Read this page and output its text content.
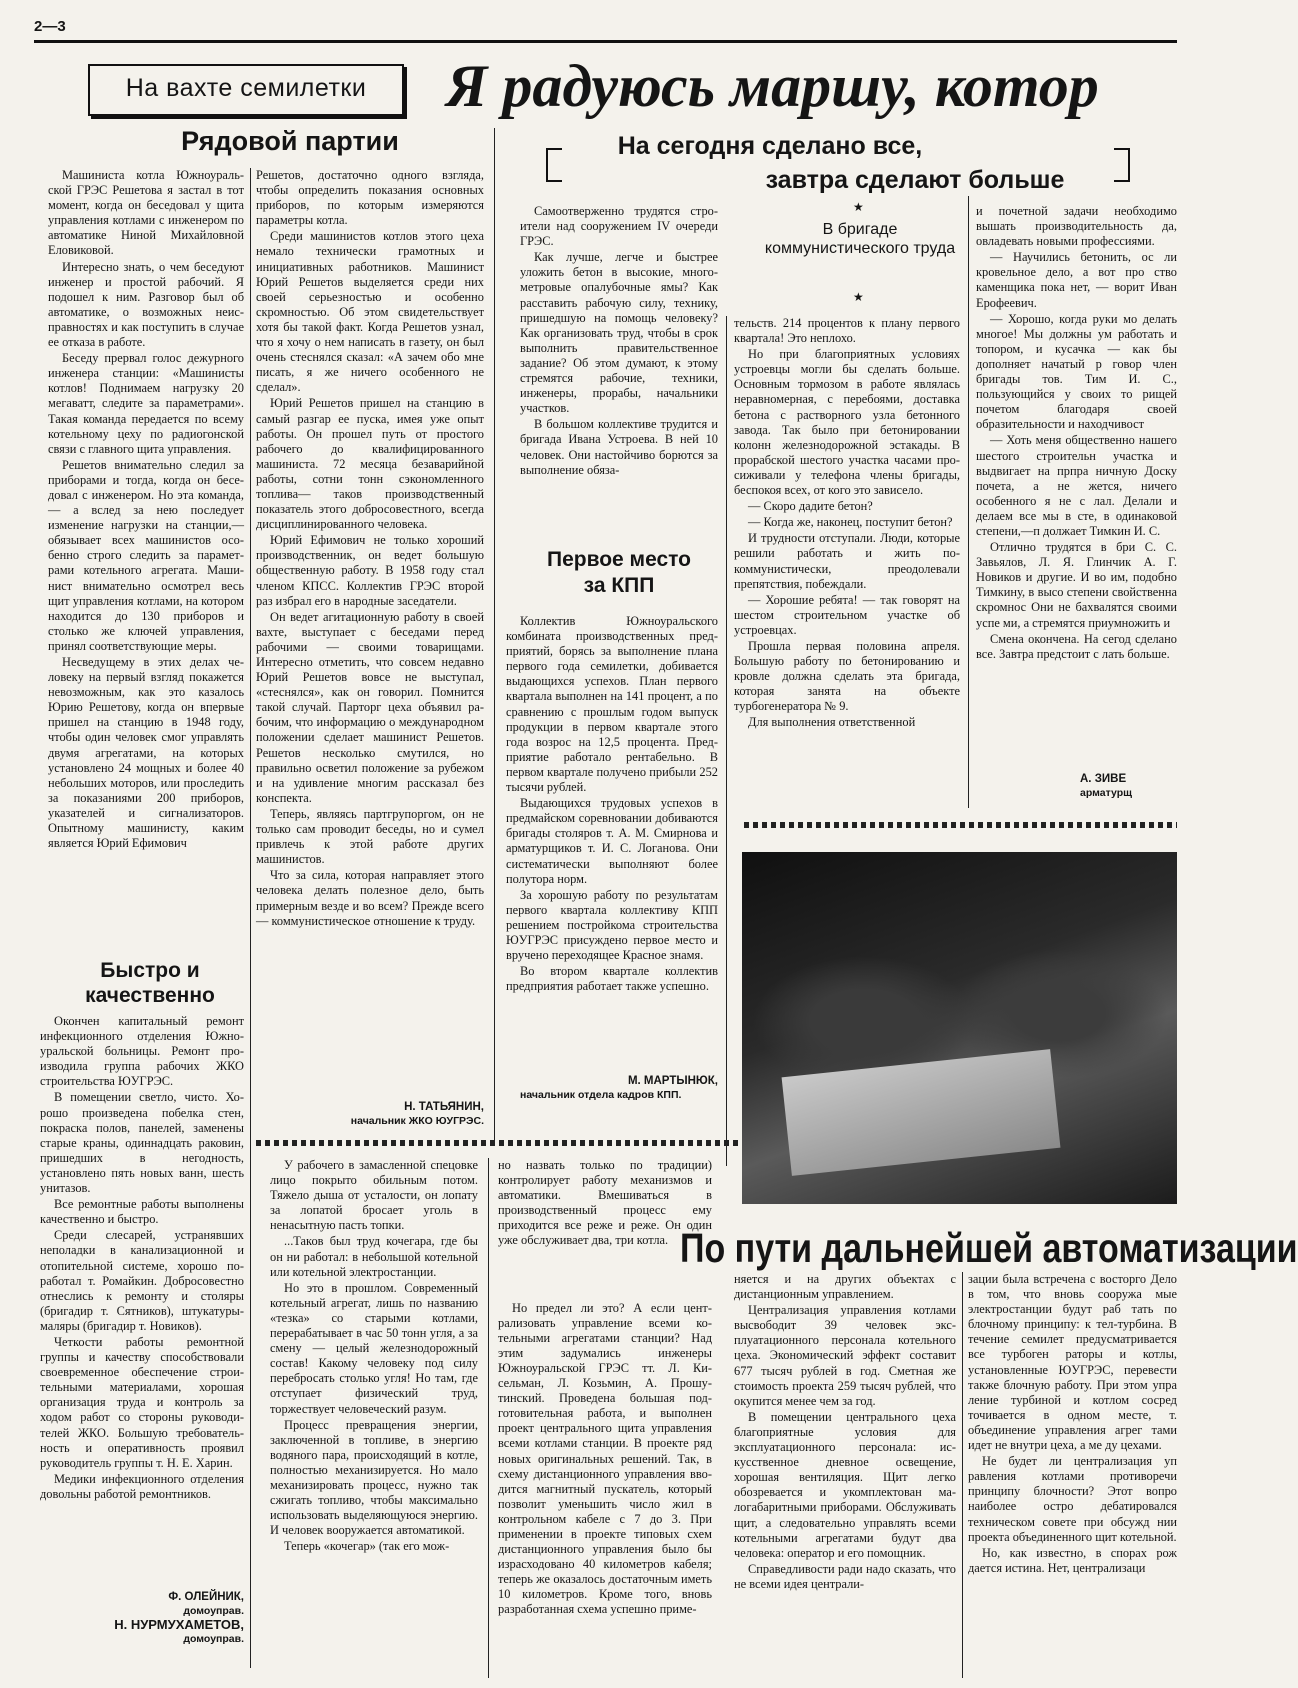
2—3
На вахте семилетки	Я радуюсь маршу, котор
Рядовой партии

Машиниста котла Южноуральской ГРЭС Решетова я застал в тот момент, когда он беседовал у щита управления котлами с инженером по автоматике Ниной Михайловной Еловиковой.

Интересно знать, о чем беседуют инженер и простой рабочий. Я подошел к ним. Разговор был об автоматике, о возможных неисправностях и как поступить в случае ее отказа в работе.

Беседу прервал голос дежурного инженера станции: «Машинисты котлов! Поднимаем нагрузку 20 мегаватт, следите за параметрами». Такая команда передается по всему котельному цеху по радиогонской связи с главного щита управления.

Решетов внимательно следил за приборами и тогда, когда он беседовал с инженером. Но эта команда, — а вслед за нею последует изменение нагрузки на станции,— обязывает всех машинистов особенно строго следить за параметрами котельного агрегата. Машинист внимательно осмотрел весь щит управления котлами, на котором находится до 130 приборов и столько же ключей управления, принял соответствующие меры.

Несведущему в этих делах человеку на первый взгляд покажется невозможным, как это казалось Юрию Решетову, когда он впервые пришел на станцию в 1948 году, чтобы один человек смог управлять двумя агрегатами, на которых установлено 24 мощных и более 40 небольших моторов, или проследить за показаниями 200 приборов, указателей и сигнализаторов. Опытному машинисту, каким является Юрий Ефимович

Решетов, достаточно одного взгляда, чтобы определить показания основных приборов, по которым измеряются параметры котла.

Среди машинистов котлов этого цеха немало технически грамотных и инициативных работников. Машинист Юрий Решетов выделяется среди них своей серьезностью и особенно скромностью. Об этом свидетельствует хотя бы такой факт. Когда Решетов узнал, что я хочу о нем написать в газету, он был очень стеснялся сказал: «А зачем обо мне писать, я же ничего особенного не сделал».

Юрий Решетов пришел на станцию в самый разгар ее пуска, имея уже опыт работы. Он прошел путь от простого рабочего до квалифицированного машиниста. 72 месяца безаварийной работы, сотни тонн сэкономленного топлива— таков производственный показатель этого добросовестного, всегда дисциплинированного человека.

Юрий Ефимович не только хороший производственник, он ведет большую общественную работу. В 1958 году стал членом КПСС. Коллектив ГРЭС второй раз избрал его в народные заседатели.

Он ведет агитационную работу в своей вахте, выступает с беседами перед рабочими — своими товарищами. Интересно отметить, что совсем недавно Юрий Решетов вовсе не выступал, «стеснялся», как он говорил. Помнится такой случай. Парторг цеха объявил рабочим, что информацию о международном положении сделает машинист Решетов. Решетов несколько смутился, но правильно осветил положение за рубежом и на удивление многим рассказал без конспекта.

Теперь, являясь партгрупоргом, он не только сам проводит беседы, но и сумел привлечь к этой работе других машинистов.

Что за сила, которая направляет этого человека делать полезное дело, быть примерным везде и во всем? Прежде всего — коммунистическое отношение к труду.

Н. ТАТЬЯНИН,
начальник ЖКО ЮУГРЭС.
Быстро и качественно

Окончен капитальный ремонт инфекционного отделения Южноуральской больницы. Ремонт производила группа рабочих ЖКО строительства ЮУГРЭС.

В помещении светло, чисто. Хорошо произведена побелка стен, покраска полов, панелей, заменены старые краны, одиннадцать раковин, пришедших в негодность, установлено пять новых ванн, шесть унитазов.

Все ремонтные работы выполнены качественно и быстро.

Среди слесарей, устранявших неполадки в канализационной и отопительной системе, хорошо поработал т. Ромайкин. Доброcовестно отнеслись к ремонту и столяры (бригадир т. Сятников), штукатуры-маляры (бригадир т. Новиков).

Четкости работы ремонтной группы и качеству способствовали своевременное обеспечение строительными материалами, хорошая организация труда и контроль за ходом работ со стороны руководителей ЖКО. Большую требовательность и оперативность проявил руководитель группы т. Н. Е. Харин.

Медики инфекционного отделения довольны работой ремонтников.

Ф. ОЛЕЙНИК,
домоуправ.
Н. НУРМУХАМЕТОВ,
домоуправ.
На сегодня сделано все,
завтра сделают больше

Самоотверженно трудятся строители над сооружением IV очереди ГРЭС.

Как лучше, легче и быстрее уложить бетон в высокие, многометровые опалубочные ямы? Как расставить рабочую силу, технику, пришедшую на помощь человеку? Как организовать труд, чтобы в срок выполнить правительственное задание? Об этом думают, к этому стремятся рабочие, техники, инженеры, прорабы, начальники участков.

В большом коллективе трудится и бригада Ивана Устроева. В ней 10 человек. Они настойчиво борются за выполнение обяза-

★
В бригаде коммунистического труда
★

тельств. 214 процентов к плану первого квартала! Это неплохо.

Но при благоприятных условиях устроевцы могли бы сделать больше. Основным тормозом в работе являлась неравномерная, с перебоями, доставка бетона с растворного узла бетонного завода. Так было при бетонировании колонн железнодорожной эстакады. В прорабской шестого участка часами просиживали у телефона члены бригады, беспокоя всех, от кого это зависело.

— Скоро дадите бетон?

— Когда же, наконец, поступит бетон?

И трудности отступали. Люди, которые решили работать и жить по-коммунистически, преодолевали препятствия, побеждали.

— Хорошие ребята! — так говорят на шестом строительном участке об устроевцах.

Прошла первая половина апреля. Большую работу по бетонированию и кровле должна сделать эта бригада, которая занята на объекте турбогенератора № 9.

Для выполнения ответственной

и почетной задачи необходимо вышать производительность да, овладевать новыми профессиями.

— Научились бетонить, ос ли кровельное дело, а вот про ство каменщика пока нет, — ворит Иван Ерофеевич.

— Хорошо, когда руки мо делать многое! Мы должны ум работать и топором, и кусачка — как бы дополняет начатый р говор член бригады тов. Тим И. С., пользующийся у своих то рищей почетом благодаря своей образительности и находчивост

— Хоть меня общественно нашего шестого строительн участка и выдвигает на прпра ничную Доску почета, а не жется, ничего особенного я не с лал. Делали и делаем все мы в сте, в одинаковой степени,—п должает Тимкин И. С.

Отлично трудятся в бри С. С. Завьялов, Л. Я. Глинчик А. Г. Новиков и другие. И во им, подобно Тимкину, в высо степени свойственна скромнос Они не бахвалятся своими успе ми, а стремятся приумножить и

Смена окончена. На сегод сделано все. Завтра предстоит с лать больше.

А. ЗИВЕ
арматурщ
Первое место
за КПП

Коллектив Южноуральского комбината производственных предприятий, борясь за выполнение плана первого года семилетки, добивается выдающихся успехов. План первого квартала выполнен на 141 процент, а по сравнению с прошлым годом выпуск продукции в первом квартале этого года возрос на 12,5 процента. Предприятие работало рентабельно. В первом квартале получено прибыли 252 тысячи рублей.

Выдающихся трудовых успехов в предмайском соревновании добиваются бригады столяров т. А. М. Смирнова и арматурщиков т. И. С. Логанова. Они систематически выполняют более полутора норм.

За хорошую работу по результатам первого квартала коллективу КПП решением постройкома строительства ЮУГРЭС присуждено первое место и вручено переходящее Красное знамя.

Во втором квартале коллектив предприятия работает также успешно.

М. МАРТЫНЮК,
начальник отдела кадров КПП.
По пути дальнейшей автоматизации

У рабочего в замасленной спецовке лицо покрыто обильным потом. Тяжело дыша от усталости, он лопату за лопатой бросает уголь в ненасытную пасть топки.

...Таков был труд кочегара, где бы он ни работал: в небольшой котельной или котельной электростанции.

Но это в прошлом. Современный котельный агрегат, лишь по названию «тезка» со старыми котлами, перерабатывает в час 50 тонн угля, а за смену — целый железнодорожный состав! Какому человеку под силу перебросать столько угля! Но там, где отступает физический труд, торжествует человеческий разум.

Процесс превращения энергии, заключенной в топливе, в энергию водяного пара, происходящий в котле, полностью механизируется. Но мало механизировать процесс, нужно так сжигать топливо, чтобы максимально использовать выделяющуюся энергию. И человек вооружается автоматикой.

Теперь «кочегар» (так его мож-

но назвать только по традиции) контролирует работу механизмов и автоматики. Вмешиваться в производственный процесс ему приходится все реже и реже. Он один уже обслуживает два, три котла.

Но предел ли это? А если централизовать управление всеми котельными агрегатами станции? Над этим задумались инженеры Южноуральской ГРЭС тт. Л. Кисельман, Л. Козьмин, А. Прошутинский. Проведена большая подготовительная работа, и выполнен проект центрального щита управления всеми котлами станции. В проекте ряд новых оригинальных решений. Так, в схему дистанционного управления вводится магнитный пускатель, который позволит уменьшить число жил в контрольном кабеле с 7 до 3. При применении в проекте типовых схем дистанционного управления было бы израсходовано 40 километров кабеля; теперь же оказалось достаточным иметь 10 километров. Кроме того, вновь разработанная схема успешно приме-

няется и на других объектах с дистанционным управлением.

Централизация управления котлами высвободит 39 человек эксплуатационного персонала котельного цеха. Экономический эффект составит 677 тысяч рублей в год. Сметная же стоимость проекта 259 тысяч рублей, что окупится менее чем за год.

В помещении центрального цеха благоприятные условия для эксплуатационного персонала: искусственное дневное освещение, хорошая вентиляция. Щит легко обозревается и укомплектован малогабаритными приборами. Обслуживать щит, а следовательно управлять всеми котельными агрегатами будут два человека: оператор и его помощник.

Справедливости ради надо сказать, что не всеми идея централи-

зации была встречена с восторго Дело в том, что вновь сооружа мые электростанции будут раб тать по блочному принципу: к тел-турбина. В течение семилет предусматривается все турбоген раторы и котлы, установленные ЮУГРЭС, перевести также блочную работу. При этом упра ление турбиной и котлом сосред точивается в одном месте, т. объединение управления агрег тами идет не внутри цеха, а ме ду цехами.

Не будет ли централизация уп равления котлами противоречи принципу блочности? Этот вопро наиболее остро дебатировался техническом совете при обсужд нии проекта объединенного щит котельной.

Но, как известно, в спорах рож дается истина. Нет, централизаци
